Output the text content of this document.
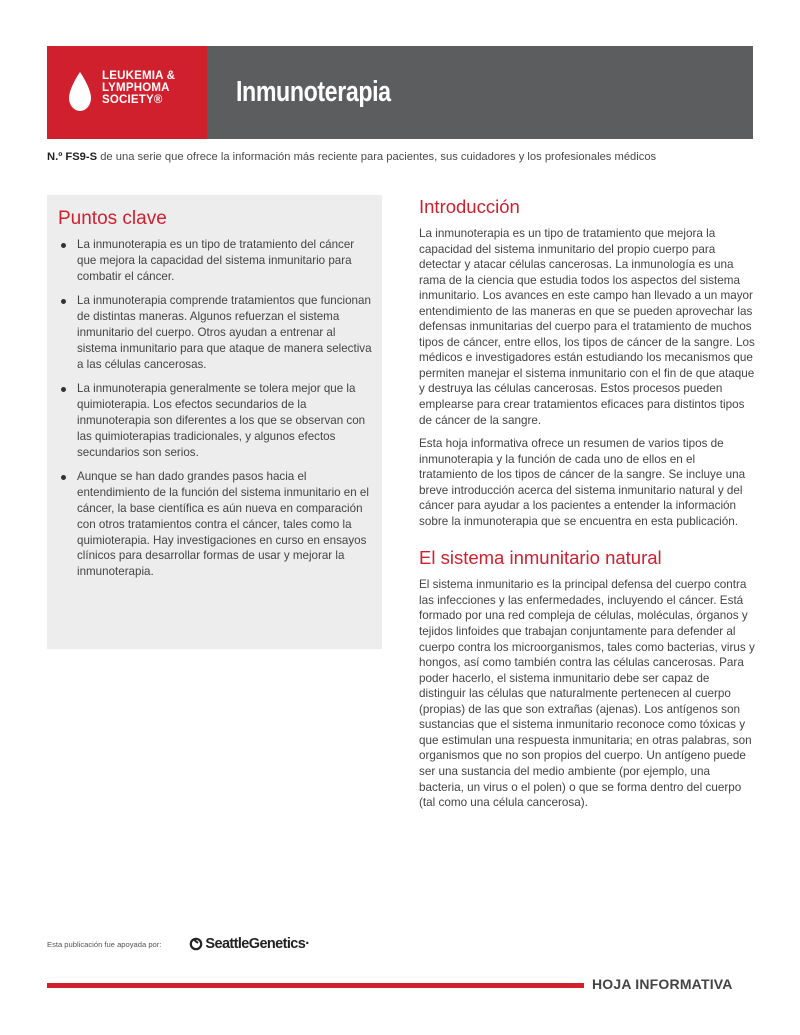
LEUKEMIA &
LYMPHOMA
SOCIETY®	Inmunoterapia
N.º FS9-S de una serie que ofrece la información más reciente para pacientes, sus cuidadores y los profesionales médicos
Puntos clave
La inmunoterapia es un tipo de tratamiento del cáncer que mejora la capacidad del sistema inmunitario para combatir el cáncer.
La inmunoterapia comprende tratamientos que funcionan de distintas maneras. Algunos refuerzan el sistema inmunitario del cuerpo. Otros ayudan a entrenar al sistema inmunitario para que ataque de manera selectiva a las células cancerosas.
La inmunoterapia generalmente se tolera mejor que la quimioterapia. Los efectos secundarios de la inmunoterapia son diferentes a los que se observan con las quimioterapias tradicionales, y algunos efectos secundarios son serios.
Aunque se han dado grandes pasos hacia el entendimiento de la función del sistema inmunitario en el cáncer, la base científica es aún nueva en comparación con otros tratamientos contra el cáncer, tales como la quimioterapia. Hay investigaciones en curso en ensayos clínicos para desarrollar formas de usar y mejorar la inmunoterapia.
Esta publicación fue apoyada por:	SeattleGenetics·
Introducción

La inmunoterapia es un tipo de tratamiento que mejora la capacidad del sistema inmunitario del propio cuerpo para detectar y atacar células cancerosas. La inmunología es una rama de la ciencia que estudia todos los aspectos del sistema inmunitario. Los avances en este campo han llevado a un mayor entendimiento de las maneras en que se pueden aprovechar las defensas inmunitarias del cuerpo para el tratamiento de muchos tipos de cáncer, entre ellos, los tipos de cáncer de la sangre. Los médicos e investigadores están estudiando los mecanismos que permiten manejar el sistema inmunitario con el fin de que ataque y destruya las células cancerosas. Estos procesos pueden emplearse para crear tratamientos eficaces para distintos tipos de cáncer de la sangre.

Esta hoja informativa ofrece un resumen de varios tipos de inmunoterapia y la función de cada uno de ellos en el tratamiento de los tipos de cáncer de la sangre. Se incluye una breve introducción acerca del sistema inmunitario natural y del cáncer para ayudar a los pacientes a entender la información sobre la inmunoterapia que se encuentra en esta publicación.

El sistema inmunitario natural

El sistema inmunitario es la principal defensa del cuerpo contra las infecciones y las enfermedades, incluyendo el cáncer. Está formado por una red compleja de células, moléculas, órganos y tejidos linfoides que trabajan conjuntamente para defender al cuerpo contra los microorganismos, tales como bacterias, virus y hongos, así como también contra las células cancerosas. Para poder hacerlo, el sistema inmunitario debe ser capaz de distinguir las células que naturalmente pertenecen al cuerpo (propias) de las que son extrañas (ajenas). Los antígenos son sustancias que el sistema inmunitario reconoce como tóxicas y que estimulan una respuesta inmunitaria; en otras palabras, son organismos que no son propios del cuerpo. Un antígeno puede ser una sustancia del medio ambiente (por ejemplo, una bacteria, un virus o el polen) o que se forma dentro del cuerpo (tal como una célula cancerosa).

HOJA INFORMATIVA
